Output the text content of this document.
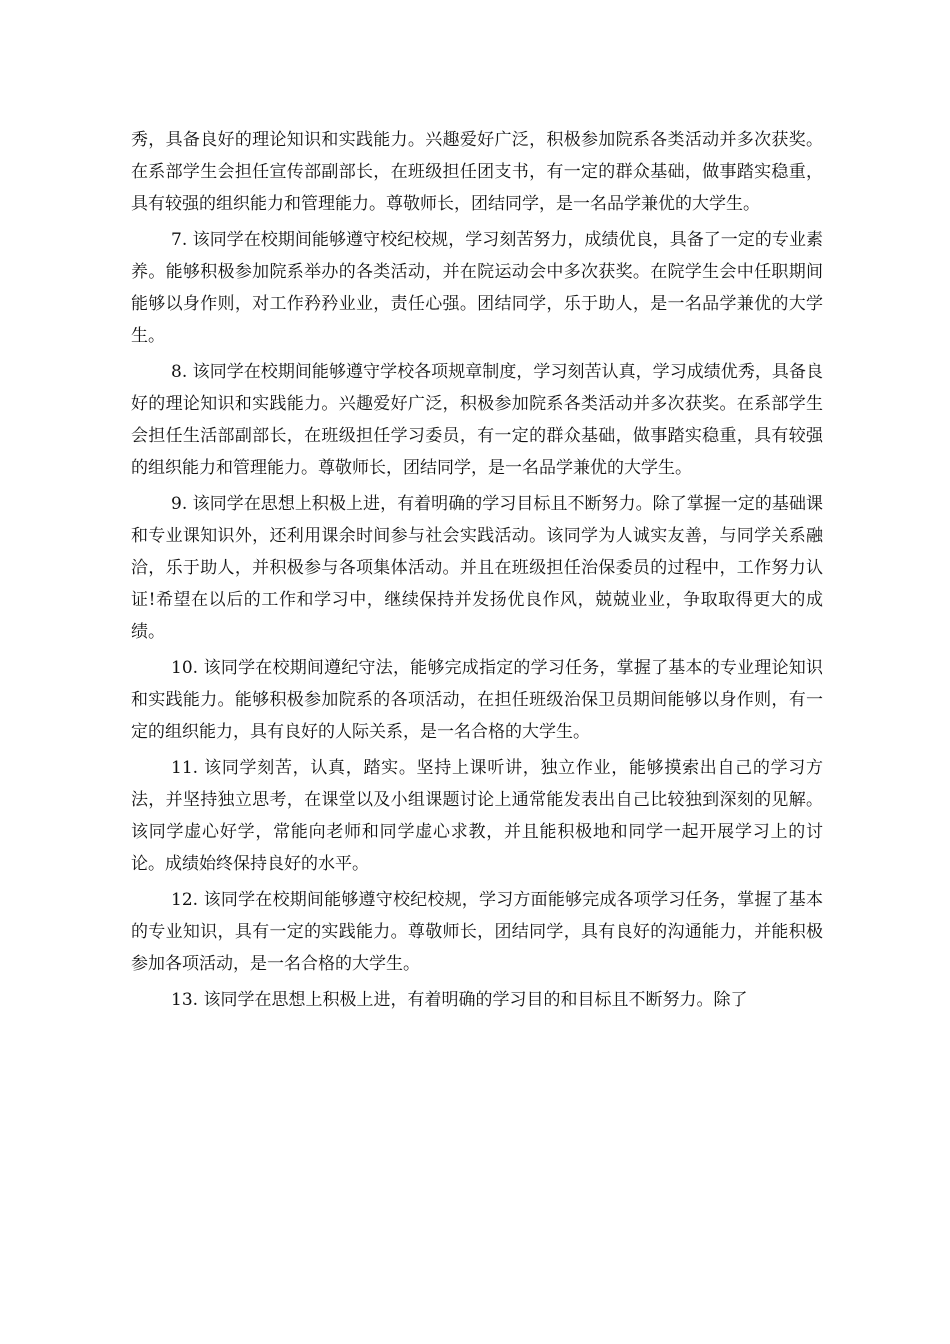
秀，具备良好的理论知识和实践能力。兴趣爱好广泛，积极参加院系各类活动并多次获奖。在系部学生会担任宣传部副部长，在班级担任团支书，有一定的群众基础，做事踏实稳重，具有较强的组织能力和管理能力。尊敬师长，团结同学，是一名品学兼优的大学生。

7. 该同学在校期间能够遵守校纪校规，学习刻苦努力，成绩优良，具备了一定的专业素养。能够积极参加院系举办的各类活动，并在院运动会中多次获奖。在院学生会中任职期间能够以身作则，对工作矜矜业业，责任心强。团结同学，乐于助人，是一名品学兼优的大学生。

8. 该同学在校期间能够遵守学校各项规章制度，学习刻苦认真，学习成绩优秀，具备良好的理论知识和实践能力。兴趣爱好广泛，积极参加院系各类活动并多次获奖。在系部学生会担任生活部副部长，在班级担任学习委员，有一定的群众基础，做事踏实稳重，具有较强的组织能力和管理能力。尊敬师长，团结同学，是一名品学兼优的大学生。

9. 该同学在思想上积极上进，有着明确的学习目标且不断努力。除了掌握一定的基础课和专业课知识外，还利用课余时间参与社会实践活动。该同学为人诚实友善，与同学关系融洽，乐于助人，并积极参与各项集体活动。并且在班级担任治保委员的过程中，工作努力认证!希望在以后的工作和学习中，继续保持并发扬优良作风，兢兢业业，争取取得更大的成绩。

10. 该同学在校期间遵纪守法，能够完成指定的学习任务，掌握了基本的专业理论知识和实践能力。能够积极参加院系的各项活动，在担任班级治保卫员期间能够以身作则，有一定的组织能力，具有良好的人际关系，是一名合格的大学生。

11. 该同学刻苦，认真，踏实。坚持上课听讲，独立作业，能够摸索出自己的学习方法，并坚持独立思考，在课堂以及小组课题讨论上通常能发表出自己比较独到深刻的见解。该同学虚心好学，常能向老师和同学虚心求教，并且能积极地和同学一起开展学习上的讨论。成绩始终保持良好的水平。

12. 该同学在校期间能够遵守校纪校规，学习方面能够完成各项学习任务，掌握了基本的专业知识，具有一定的实践能力。尊敬师长，团结同学，具有良好的沟通能力，并能积极参加各项活动，是一名合格的大学生。

13. 该同学在思想上积极上进，有着明确的学习目的和目标且不断努力。除了
